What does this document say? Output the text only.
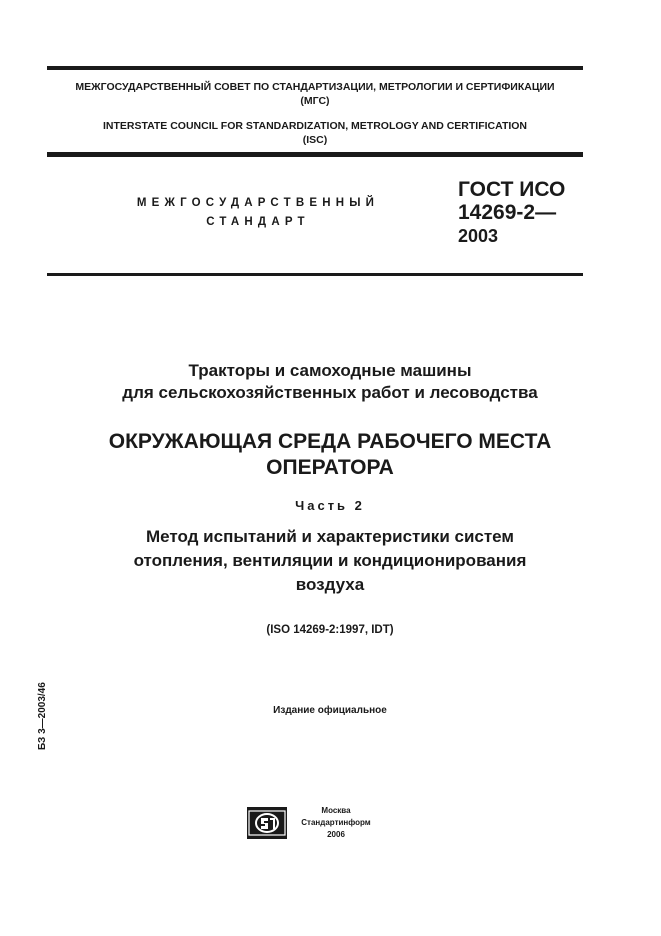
МЕЖГОСУДАРСТВЕННЫЙ СОВЕТ ПО СТАНДАРТИЗАЦИИ, МЕТРОЛОГИИ И СЕРТИФИКАЦИИ
(МГС)
INTERSTATE COUNCIL FOR STANDARDIZATION, METROLOGY AND CERTIFICATION
(ISC)
МЕЖГОСУДАРСТВЕННЫЙ
СТАНДАРТ
ГОСТ ИСО
14269-2—
2003
Тракторы и самоходные машины
для сельскохозяйственных работ и лесоводства
ОКРУЖАЮЩАЯ СРЕДА РАБОЧЕГО МЕСТА
ОПЕРАТОРА
Часть 2
Метод испытаний и характеристики систем
отопления, вентиляции и кондиционирования
воздуха
(ISO 14269-2:1997, IDT)
Издание официальное
БЗ 3—2003/46
Москва
Стандартинформ
2006
